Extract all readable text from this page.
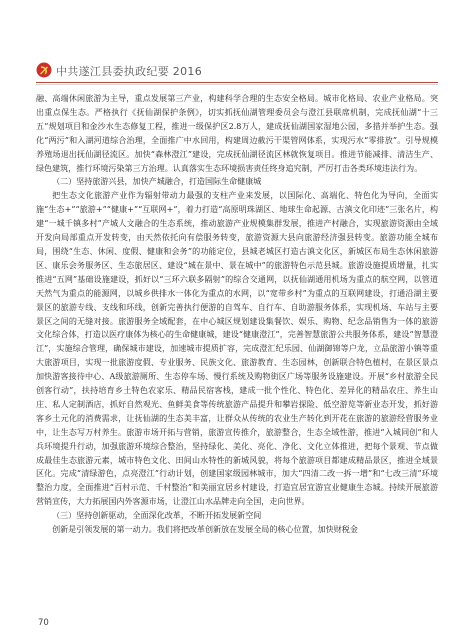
中共遂江县委执政纪要 2016

融、高端休闲旅游为主导，重点发展第三产业，构建科学合理的生态安全格局。城市化格局、农业产业格局。突出重点保生态。严格执行《抚仙湖保护条例》，切实抓抚仙湖管理委员会与澄江县联席机制，完成抚仙湖“十三五”规划项目和金沙水生态修复工程，推进一级保护区2.8万人，建成抚仙湖国家湿地公园，多措并举护生态。强化“两污”和入湖河道综合治理，全面推广中水回用，构建周边截污干渠管网体系，实现污水“零排放”。引导规模养殖场退出抚仙湖径流区。加快“森林澄江”建设，完成抚仙湖径流区林就恢复项目。推进节能减排、清洁生产、绿色建筑，推行环境污染第三方治理。认真落实生态环境损害责任终身追究制，严厉打击各类环境违法行为。

（二）坚持旅游兴县，加快产城融合，打造国际生命健康城

把生态文化旅游产业作为辐射带动力最强的支柱产业来发展，以国际化、高端化、特色化为导向，全面实施“生态+”“旅游+”“健康+”“互联网+”，着力打造“高原明珠湖区、地球生命起源、古滇文化印迹”三张名片，构建“一城千镇多村”产城人文融合的生态系统，推动旅游产业规模集群发展，推进产村融合，实现旅游资源由全域开发向局部重点开发转变，由天然依托向有偿服务转变，旅游资源大县向旅游经济强县转变。旅游功能全城布局，围绕“生态、休闲、度假、健康和会务”的功能定位，县城老城区打造古滇文化区，新城区布局生态休闲旅游区、康乐会务服务区、生态旅居区、建设“城在景中、景在城中”的旅游特色示范县城。旅游设施提质增量，扎实推进“五网”基础设施建设，抓好以“三环六联多隔射”的综合交通网，以抚仙湖通用机场为重点的航空网，以管道天然气为重点的能源网，以城乡供排水一体化为重点的水网，以“宽带乡村”为重点的互联网建设，打通沿湖主要景区的旅游专线、支线和环线，创新完善执行便游的自驾车、自行车、自助游服务体系，实现机场、车站与主要景区之间的无缝对接。旅游服务全域配套，在中心城区规划建设集餐饮、娱乐、购物、纪念品销售为一体的旅游文化综合体，打造以医疗康体为核心的生命健康城，建设“健康澄江”，完善智慧旅游公共服务体系，建设“智慧澄江”，实施综合管理，确保城市建设，加速城市提质扩容，完成澄汇纪乐园、仙湖御锦等户龙，立品旅游小镇等重大旅游项目，实现一批旅游度假、专业服务、民族文化、旅游教育、生态园林，创新联合特色植村，在景区景点加快游客接待中心、A级旅游厕所、生态停车场、慢行系统及购物街区广场等服务设施建设。开展“乡村旅游全民创客行动”，扶持培育乡土特色农家乐、精品民宿客栈，建成一批个性化、特色化、差异化的精品农庄、养生山庄、私人定制酒店，抓好自然观光、鱼鲜美食等传统旅游产品提升和攀岩探险、低空游览等新业态开发，抓好游客乡土元化的消费需求，让抚仙湖的生态美丰富，让群众从传统的农业生产转化到开花在旅游的旅游经营服务业中，让生态写万村养生。旅游市场开拓与营销，旅游宣传推介，旅游整合，生态全域性游，推进“入城同创”和人兵环境提升行动，加强旅游环境综合整治，坚持绿化、美化、亮化、净化、文化立体推进，把每个景观、节点做成最佳生态旅游元素，城市特色文化、田间山水特性的新城风貌，将每个旅游项目都建成精品景区，推进全域景区化。完成“清绿游色，点亮澄江”行动计划，创建国家级园林城市，加大“四清二改一拆一增”和“七改三清”环境整治力度，全面推进“百村示范、千村整治”和美丽宜居乡村建设，打造宜居宜游宜业健康生态城。持续开展旅游营销宣传，大力拓展国内外客源市场，让澄江山水品牌走向全国，走向世界。

（三）坚持创新驱动，全面深化改革，不断开拓发展新空间

创新是引领发展的第一动力。我们将把改革创新放在发展全局的核心位置，加快财税金

70
